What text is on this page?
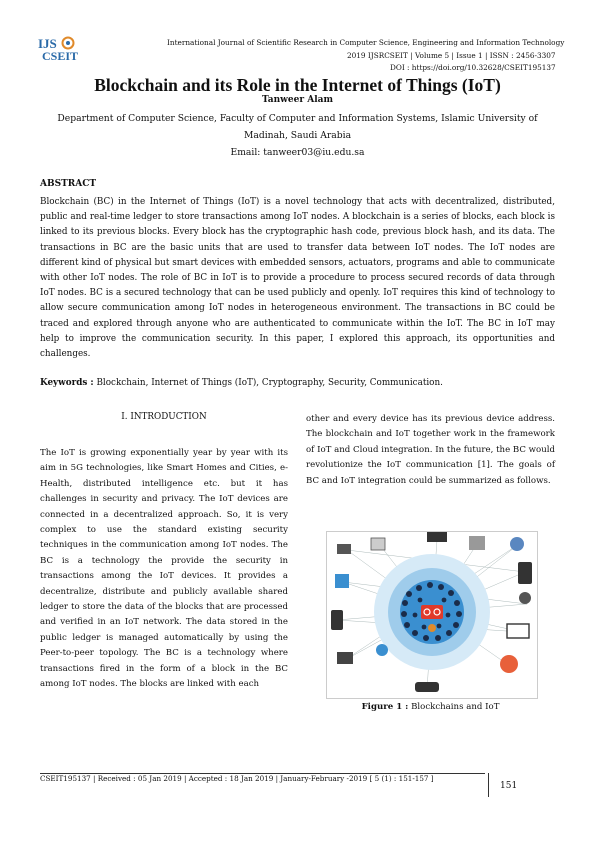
International Journal of Scientific Research in Computer Science, Engineering and Information Technology
2019 IJSRCSEIT | Volume 5 | Issue 1 | ISSN : 2456-3307
DOI : https://doi.org/10.32628/CSEIT195137
IJS
CSEIT
Blockchain and its Role in the Internet of Things (IoT)
Tanweer Alam
Department of Computer Science, Faculty of Computer and Information Systems, Islamic University of
Madinah, Saudi Arabia
Email: tanweer03@iu.edu.sa
ABSTRACT
Blockchain (BC) in the Internet of Things (IoT) is a novel technology that acts with decentralized, distributed, public and real-time ledger to store transactions among IoT nodes. A blockchain is a series of blocks, each block is linked to its previous blocks. Every block has the cryptographic hash code, previous block hash, and its data. The transactions in BC are the basic units that are used to transfer data between IoT nodes. The IoT nodes are different kind of physical but smart devices with embedded sensors, actuators, programs and able to communicate with other IoT nodes. The role of BC in IoT is to provide a procedure to process secured records of data through IoT nodes. BC is a secured technology that can be used publicly and openly. IoT requires this kind of technology to allow secure communication among IoT nodes in heterogeneous environment. The transactions in BC could be traced and explored through anyone who are authenticated to communicate within the IoT. The BC in IoT may help to improve the communication security. In this paper, I explored this approach, its opportunities and challenges.
Keywords : Blockchain, Internet of Things (IoT), Cryptography, Security, Communication.
I. INTRODUCTION
The IoT is growing exponentially year by year with its aim in 5G technologies, like Smart Homes and Cities, e-Health, distributed intelligence etc. but it has challenges in security and privacy. The IoT devices are connected in a decentralized approach. So, it is very complex to use the standard existing security techniques in the communication among IoT nodes. The BC is a technology the provide the security in transactions among the IoT devices. It provides a decentralize, distribute and publicly available shared ledger to store the data of the blocks that are processed and verified in an IoT network. The data stored in the public ledger is managed automatically by using the Peer-to-peer topology. The BC is a technology where transactions fired in the form of a block in the BC among IoT nodes. The blocks are linked with each
other and every device has its previous device address. The blockchain and IoT together work in the framework of IoT and Cloud integration. In the future, the BC would revolutionize the IoT communication [1]. The goals of BC and IoT integration could be summarized as follows.
Figure 1 : Blockchains and IoT
CSEIT195137 | Received : 05 Jan 2019 | Accepted : 18 Jan 2019 | January-February -2019 [ 5 (1) : 151-157 ]
151
